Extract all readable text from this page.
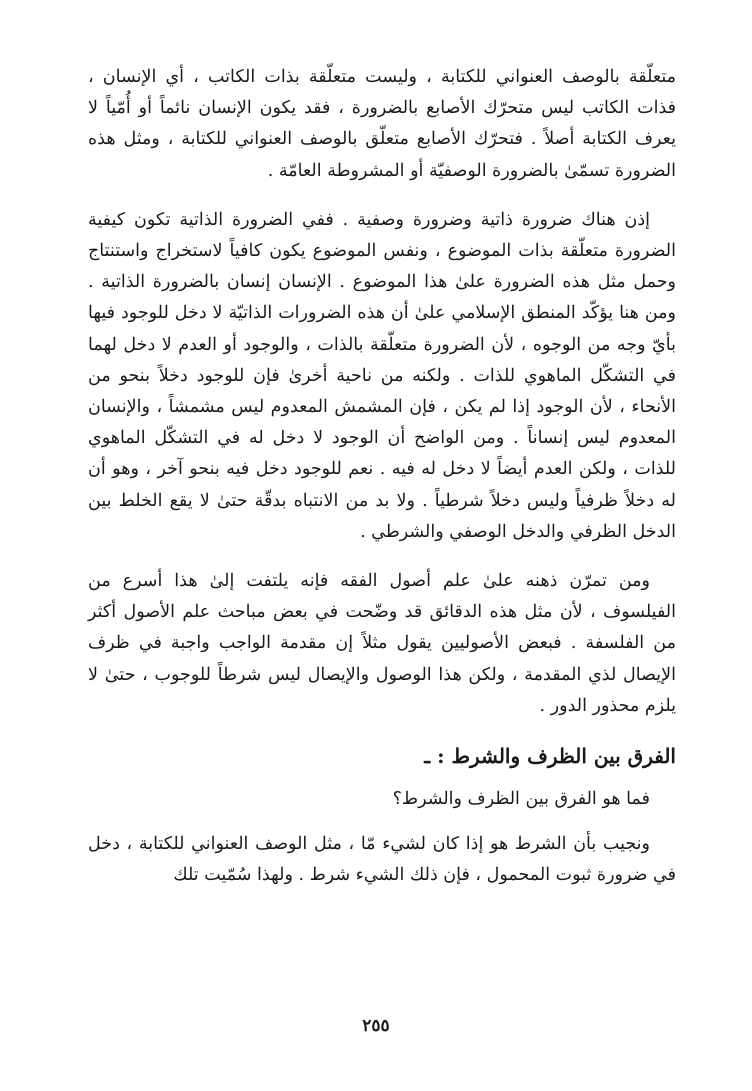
متعلّقة بالوصف العنواني للكتابة ، وليست متعلّقة بذات الكاتب ، أي الإنسان ، فذات الكاتب ليس متحرّك الأصابع بالضرورة ، فقد يكون الإنسان نائماً أو أُمّياً لا يعرف الكتابة أصلاً . فتحرّك الأصابع متعلّق بالوصف العنواني للكتابة ، ومثل هذه الضرورة تسمّىٰ بالضرورة الوصفيّة أو المشروطة العامّة .

إذن هناك ضرورة ذاتية وضرورة وصفية . ففي الضرورة الذاتية تكون كيفية الضرورة متعلّقة بذات الموضوع ، ونفس الموضوع يكون كافياً لاستخراج واستنتاج وحمل مثل هذه الضرورة علىٰ هذا الموضوع . الإنسان إنسان بالضرورة الذاتية . ومن هنا يؤكّد المنطق الإسلامي علىٰ أن هذه الضرورات الذاتيّة لا دخل للوجود فيها بأيّ وجه من الوجوه ، لأن الضرورة متعلّقة بالذات ، والوجود أو العدم لا دخل لهما في التشكّل الماهوي للذات . ولكنه من ناحية أخرىٰ فإن للوجود دخلاً بنحو من الأنحاء ، لأن الوجود إذا لم يكن ، فإن المشمش المعدوم ليس مشمشاً ، والإنسان المعدوم ليس إنساناً . ومن الواضح أن الوجود لا دخل له في التشكّل الماهوي للذات ، ولكن العدم أيضاً لا دخل له فيه . نعم للوجود دخل فيه بنحو آخر ، وهو أن له دخلاً ظرفياً وليس دخلاً شرطياً . ولا بد من الانتباه بدقّة حتىٰ لا يقع الخلط بين الدخل الظرفي والدخل الوصفي والشرطي .

ومن تمرّن ذهنه علىٰ علم أصول الفقه فإنه يلتفت إلىٰ هذا أسرع من الفيلسوف ، لأن مثل هذه الدقائق قد وضّحت في بعض مباحث علم الأصول أكثر من الفلسفة . فبعض الأصوليين يقول مثلاً إن مقدمة الواجب واجبة في ظرف الإيصال لذي المقدمة ، ولكن هذا الوصول والإيصال ليس شرطاً للوجوب ، حتىٰ لا يلزم محذور الدور .

الفرق بين الظرف والشرط : ـ

فما هو الفرق بين الظرف والشرط؟

ونجيب بأن الشرط هو إذا كان لشيء مّا ، مثل الوصف العنواني للكتابة ، دخل في ضرورة ثبوت المحمول ، فإن ذلك الشيء شرط . ولهذا سُمّيت تلك

٢٥٥
